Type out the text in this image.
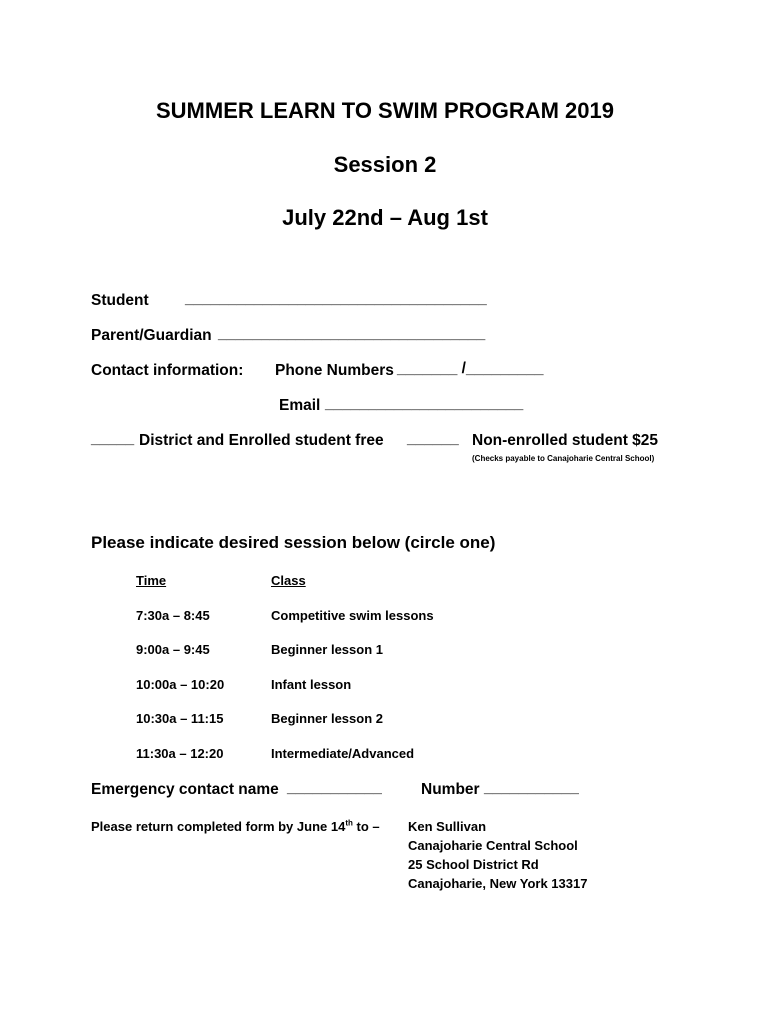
SUMMER LEARN TO SWIM PROGRAM 2019
Session 2
July 22nd – Aug 1st
Student ___________________________________
Parent/Guardian _______________________________
Contact information: Phone Numbers _______ /_________
Email _______________________
_____ District and Enrolled student free ______ Non-enrolled student $25
(Checks payable to Canajoharie Central School)
Please indicate desired session below (circle one)
Time	Class
7:30a – 8:45	Competitive swim lessons
9:00a – 9:45	Beginner lesson 1
10:00a – 10:20	Infant lesson
10:30a – 11:15	Beginner lesson 2
11:30a – 12:20	Intermediate/Advanced
Emergency contact name ___________	Number ___________
Please return completed form by June 14th to – Ken Sullivan
Canajoharie Central School
25 School District Rd
Canajoharie, New York 13317
